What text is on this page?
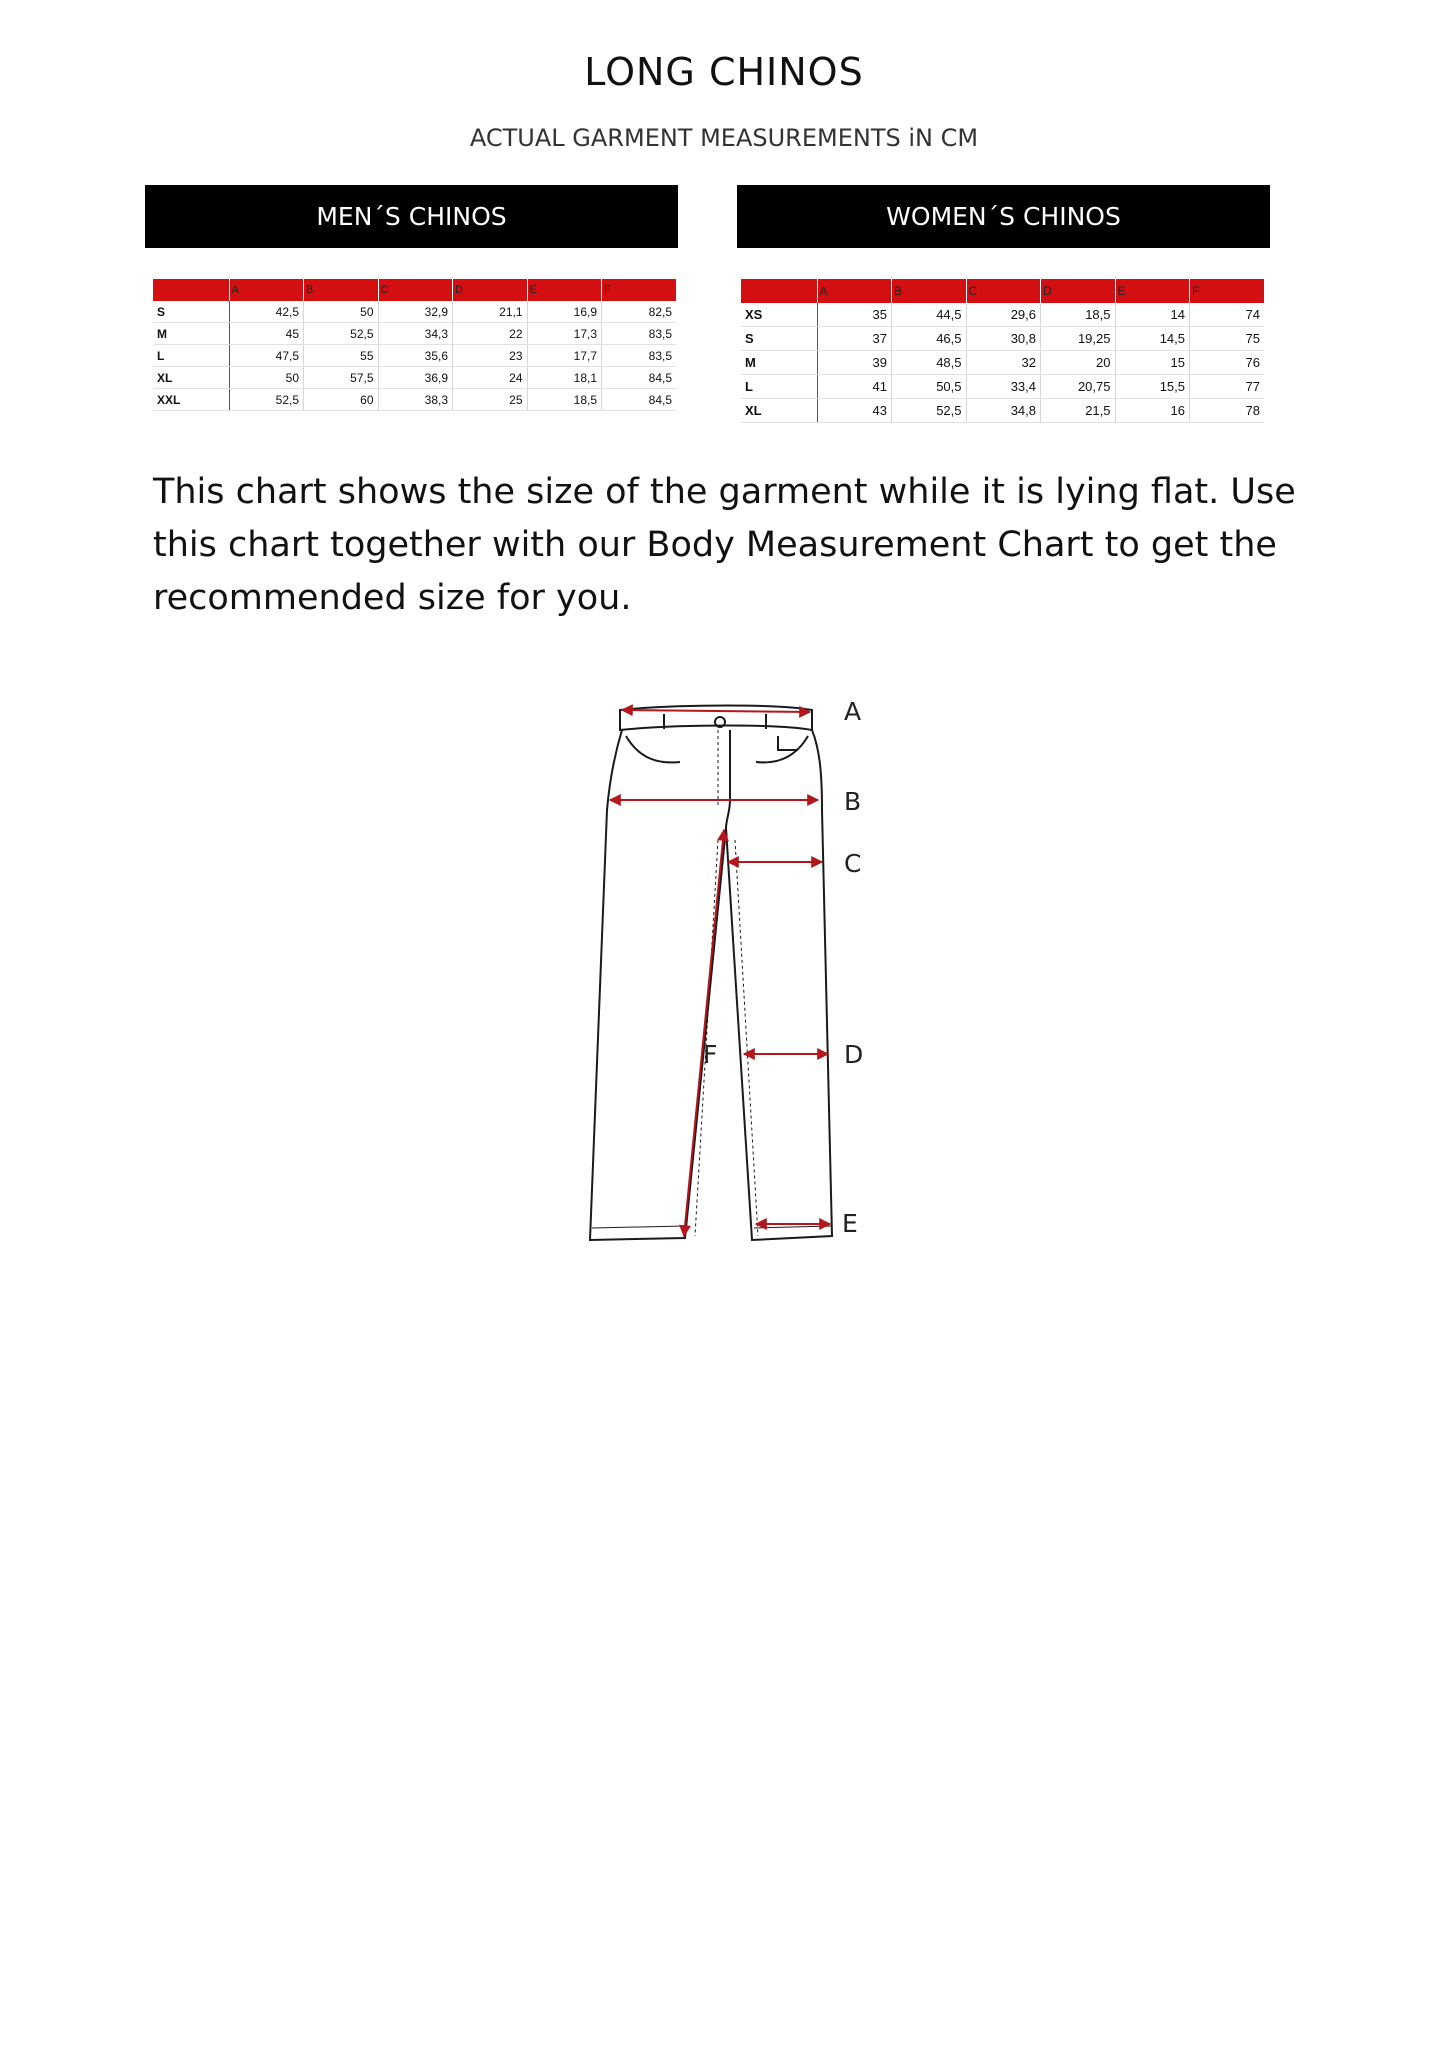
LONG CHINOS
ACTUAL GARMENT MEASUREMENTS iN CM
MEN´S CHINOS	WOMEN´S CHINOS
	A	B	C	D	E	F
S	42,5	50	32,9	21,1	16,9	82,5
M	45	52,5	34,3	22	17,3	83,5
L	47,5	55	35,6	23	17,7	83,5
XL	50	57,5	36,9	24	18,1	84,5
XXL	52,5	60	38,3	25	18,5	84,5
	A	B	C	D	E	F
XS	35	44,5	29,6	18,5	14	74
S	37	46,5	30,8	19,25	14,5	75
M	39	48,5	32	20	15	76
L	41	50,5	33,4	20,75	15,5	77
XL	43	52,5	34,8	21,5	16	78

This chart shows the size of the garment while it is lying flat. Use this chart together with our Body Measurement Chart to get the recommended size for you.

A
B
C
D
E
F
